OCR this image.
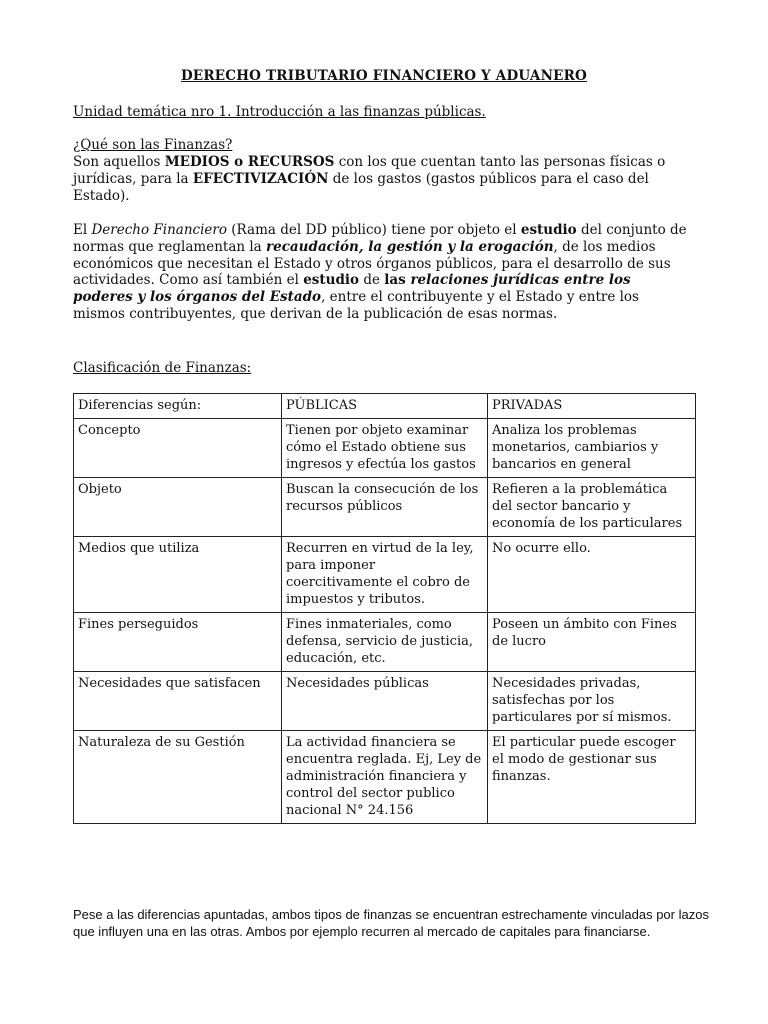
DERECHO TRIBUTARIO FINANCIERO Y ADUANERO
Unidad temática nro 1. Introducción a las finanzas públicas.
¿Qué son las Finanzas?

Son aquellos MEDIOS o RECURSOS con los que cuentan tanto las personas físicas o jurídicas, para la EFECTIVIZACIÓN de los gastos (gastos públicos para el caso del Estado).

El Derecho Financiero (Rama del DD público) tiene por objeto el estudio del conjunto de normas que reglamentan la recaudación, la gestión y la erogación, de los medios económicos que necesitan el Estado y otros órganos públicos, para el desarrollo de sus actividades. Como así también el estudio de las relaciones jurídicas entre los poderes y los órganos del Estado, entre el contribuyente y el Estado y entre los mismos contribuyentes, que derivan de la publicación de esas normas.

Clasificación de Finanzas:
Diferencias según:	PÚBLICAS	PRIVADAS
Concepto	Tienen por objeto examinar cómo el Estado obtiene sus ingresos y efectúa los gastos	Analiza los problemas monetarios, cambiarios y bancarios en general
Objeto	Buscan la consecución de los recursos públicos	Refieren a la problemática del sector bancario y economía de los particulares
Medios que utiliza	Recurren en virtud de la ley, para imponer coercitivamente el cobro de impuestos y tributos.	No ocurre ello.
Fines perseguidos	Fines inmateriales, como defensa, servicio de justicia, educación, etc.	Poseen un ámbito con Fines de lucro
Necesidades que satisfacen	Necesidades públicas	Necesidades privadas, satisfechas por los particulares por sí mismos.
Naturaleza de su Gestión	La actividad financiera se encuentra reglada. Ej, Ley de administración financiera y control del sector publico nacional N° 24.156	El particular puede escoger el modo de gestionar sus finanzas.

Pese a las diferencias apuntadas, ambos tipos de finanzas se encuentran estrechamente vinculadas por lazos que influyen una en las otras. Ambos por ejemplo recurren al mercado de capitales para financiarse.
